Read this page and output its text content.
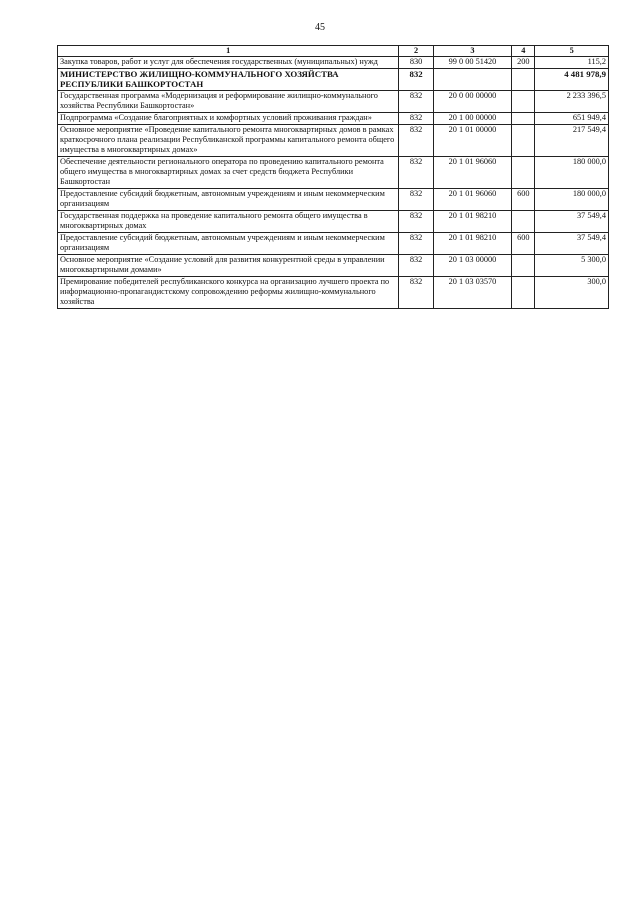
45
1	2	3	4	5
Закупка товаров, работ и услуг для обеспечения государственных (муниципальных) нужд	830	99 0 00 51420	200	115,2
МИНИСТЕРСТВО ЖИЛИЩНО-КОММУНАЛЬНОГО ХОЗЯЙСТВА РЕСПУБЛИКИ БАШКОРТОСТАН	832			4 481 978,9
Государственная программа «Модернизация и реформирование жилищно-коммунального хозяйства Республики Башкортостан»	832	20 0 00 00000		2 233 396,5
Подпрограмма «Создание благоприятных и комфортных условий проживания граждан»	832	20 1 00 00000		651 949,4
Основное мероприятие «Проведение капитального ремонта многоквартирных домов в рамках краткосрочного плана реализации Республиканской программы капитального ремонта общего имущества в многоквартирных домах»	832	20 1 01 00000		217 549,4
Обеспечение деятельности регионального оператора по проведению капитального ремонта общего имущества в многоквартирных домах за счет средств бюджета Республики Башкортостан	832	20 1 01 96060		180 000,0
Предоставление субсидий бюджетным, автономным учреждениям и иным некоммерческим организациям	832	20 1 01 96060	600	180 000,0
Государственная поддержка на проведение капитального ремонта общего имущества в многоквартирных домах	832	20 1 01 98210		37 549,4
Предоставление субсидий бюджетным, автономным учреждениям и иным некоммерческим организациям	832	20 1 01 98210	600	37 549,4
Основное мероприятие «Создание условий для развития конкурентной среды в управлении многоквартирными домами»	832	20 1 03 00000		5 300,0
Премирование победителей республиканского конкурса на организацию лучшего проекта по информационно-пропагандистскому сопровождению реформы жилищно-коммунального хозяйства	832	20 1 03 03570		300,0
